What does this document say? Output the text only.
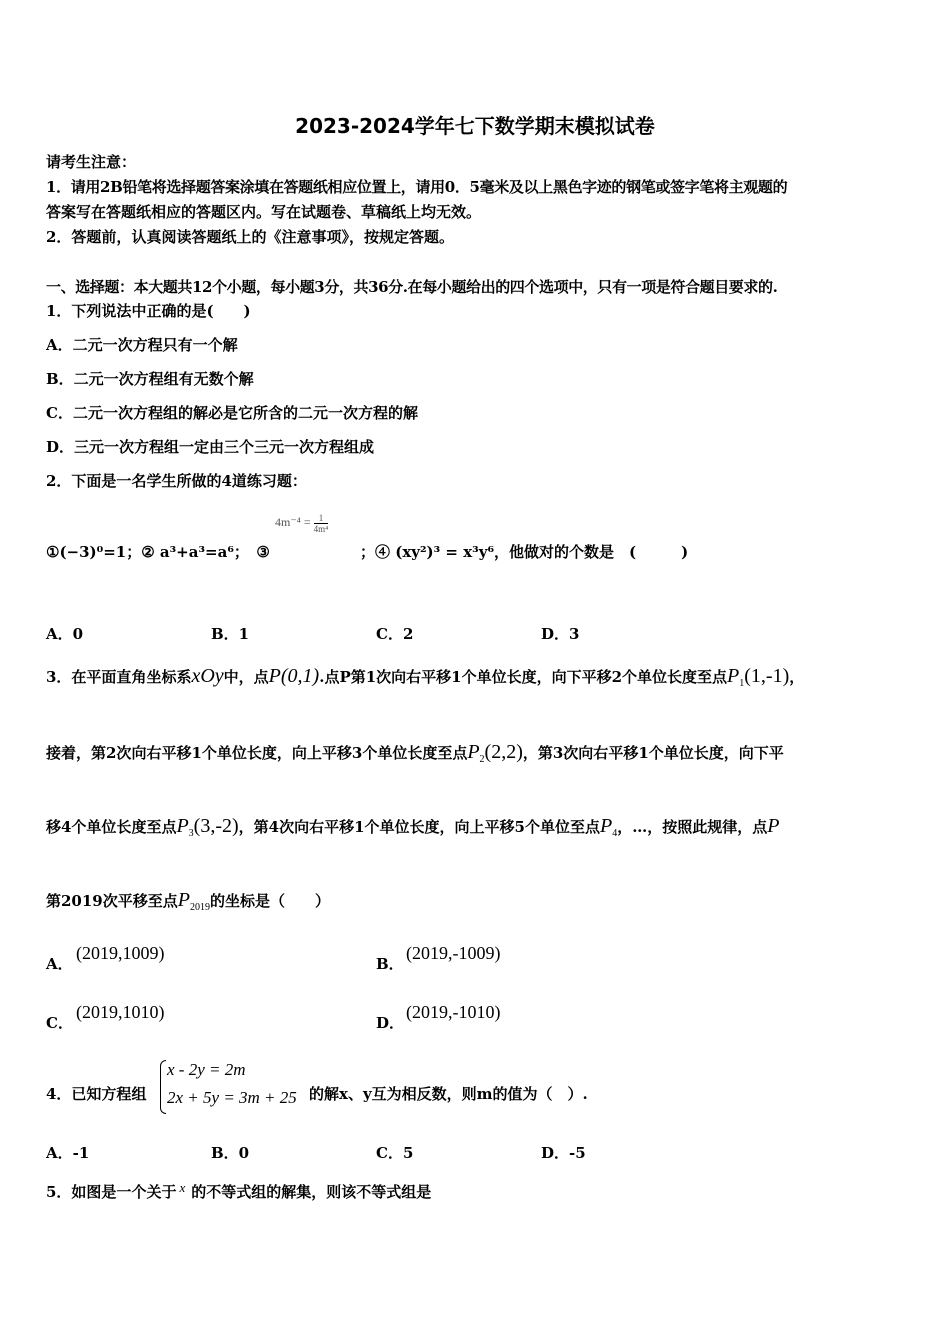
2023-2024学年七下数学期末模拟试卷
请考生注意：
1．请用2B铅笔将选择题答案涂填在答题纸相应位置上，请用0．5毫米及以上黑色字迹的钢笔或签字笔将主观题的
答案写在答题纸相应的答题区内。写在试题卷、草稿纸上均无效。
2．答题前，认真阅读答题纸上的《注意事项》，按规定答题。
一、选择题：本大题共12个小题，每小题3分，共36分.在每小题给出的四个选项中，只有一项是符合题目要求的.
1．下列说法中正确的是(　　)
A．二元一次方程只有一个解
B．二元一次方程组有无数个解
C．二元一次方程组的解必是它所含的二元一次方程的解
D．三元一次方程组一定由三个三元一次方程组成
2．下面是一名学生所做的4道练习题：
①(−3)⁰=1；② a³+a³=a⁶；　③
$4m^{-4} = \frac{1}{\text{4m⁴}}$
；④ (xy²)³ = x³y⁶，他做对的个数是　(　　　)
A．0	B．1	C．2	D．3
3．在平面直角坐标系xOy中，点P(0,1).点P第1次向右平移1个单位长度，向下平移2个单位长度至点$P_1(1,-1)$，
接着，第2次向右平移1个单位长度，向上平移3个单位长度至点$P_2(2,2)$，第3次向右平移1个单位长度，向下平
移4个单位长度至点$P_3(3,-2)$，第4次向右平移1个单位长度，向上平移5个单位至点$P_4$，…，按照此规律，点P
第2019次平移至点$P_{2019}$的坐标是（　　）
A．
(2019,1009)
B．
(2019,-1009)
C．
(2019,1010)
D．
(2019,-1010)
4．已知方程组
x - 2y = 2m
2x + 5y = 3m + 25 的解x、y互为相反数，则m的值为（　）.
A．-1	B．0	C．5	D．-5
5．如图是一个关于 x 的不等式组的解集，则该不等式组是
